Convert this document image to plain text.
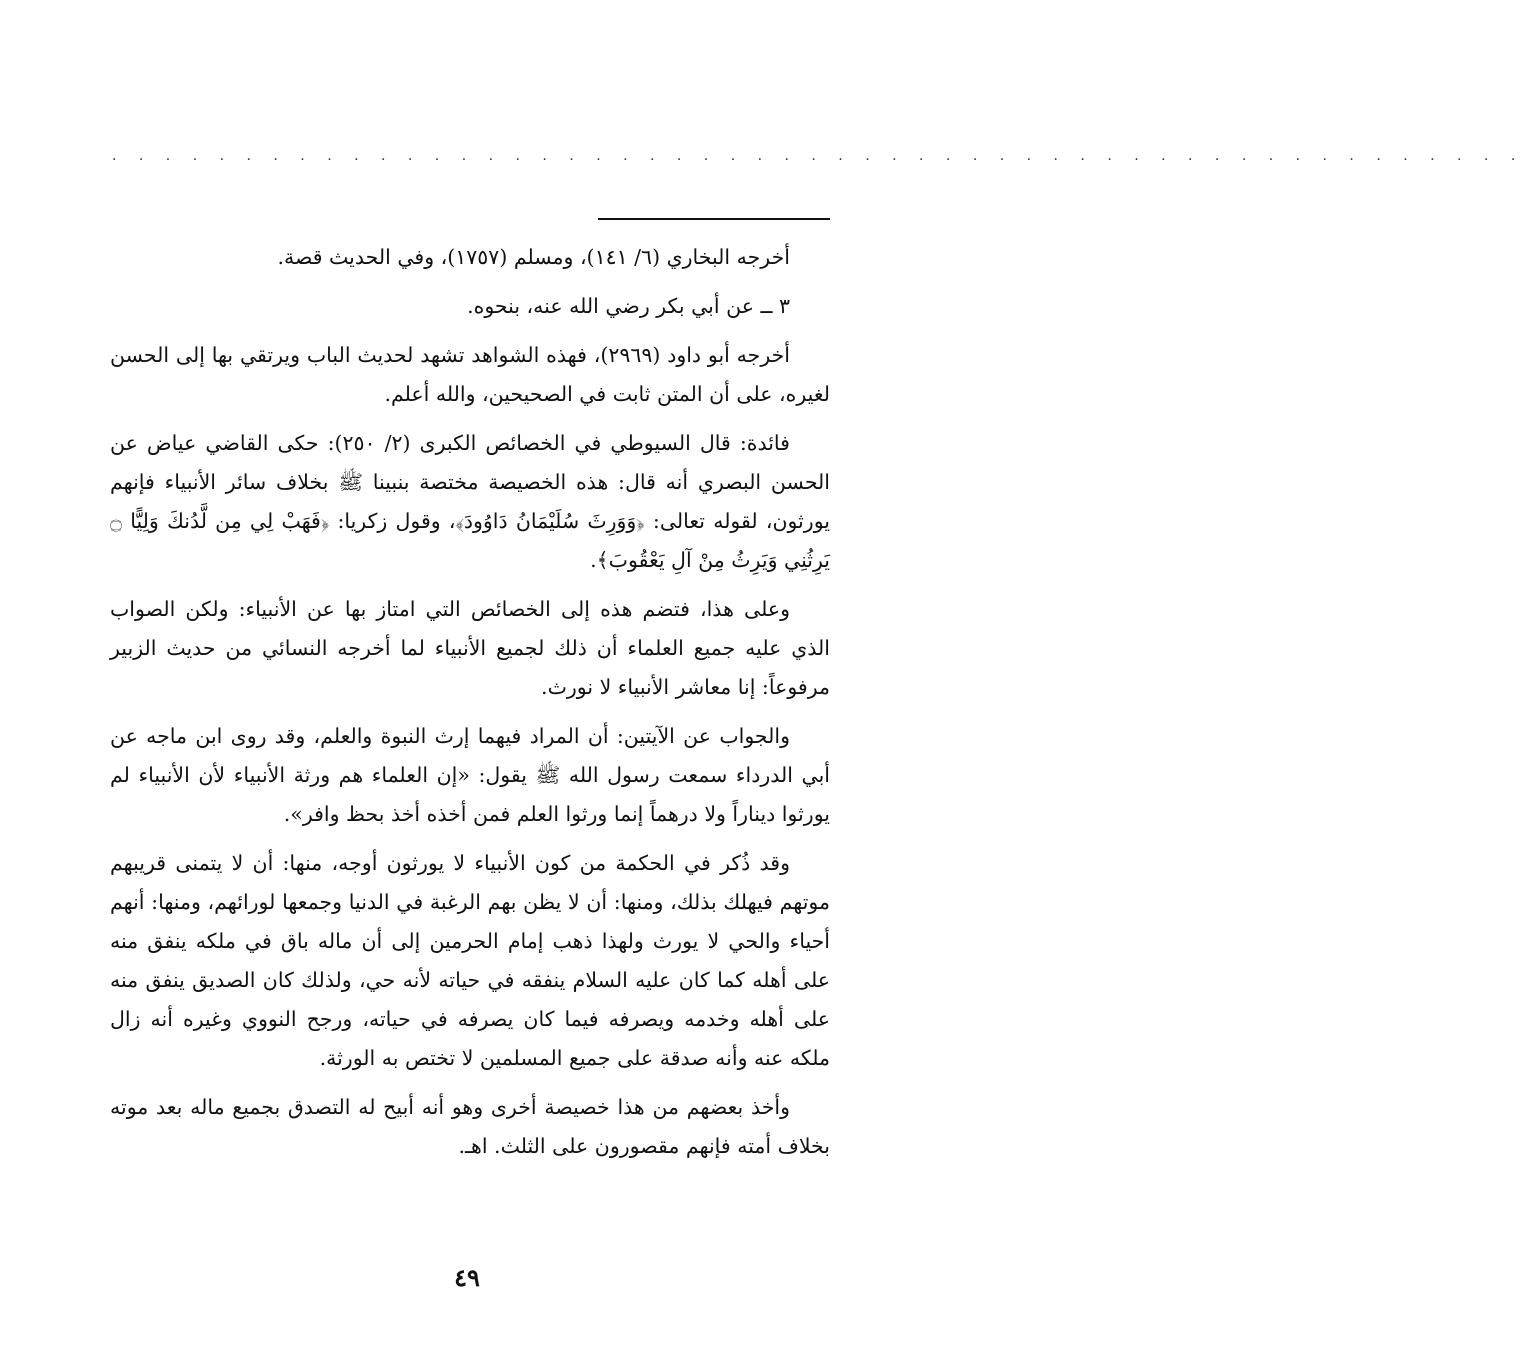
. . . . . . . . . . . . . . . . . . . . . . . . . . . . . . . . . . . . . . . . . . . . . . . . . . . . .

أخرجه البخاري (٦/ ١٤١)، ومسلم (١٧٥٧)، وفي الحديث قصة.

٣ ــ عن أبي بكر رضي الله عنه، بنحوه.

أخرجه أبو داود (٢٩٦٩)، فهذه الشواهد تشهد لحديث الباب ويرتقي بها إلى الحسن لغيره، على أن المتن ثابت في الصحيحين، والله أعلم.

فائدة: قال السيوطي في الخصائص الكبرى (٢/ ٢٥٠): حكى القاضي عياض عن الحسن البصري أنه قال: هذه الخصيصة مختصة بنبينا ﷺ بخلاف سائر الأنبياء فإنهم يورثون، لقوله تعالى: ﴿وَوَرِثَ سُلَيْمَانُ دَاوُودَ﴾، وقول زكريا: ﴿فَهَبْ لِي مِن لَّدُنكَ وَلِيًّا ۝ يَرِثُنِي وَيَرِثُ مِنْ آلِ يَعْقُوبَ﴾.

وعلى هذا، فتضم هذه إلى الخصائص التي امتاز بها عن الأنبياء: ولكن الصواب الذي عليه جميع العلماء أن ذلك لجميع الأنبياء لما أخرجه النسائي من حديث الزبير مرفوعاً: إنا معاشر الأنبياء لا نورث.

والجواب عن الآيتين: أن المراد فيهما إرث النبوة والعلم، وقد روى ابن ماجه عن أبي الدرداء سمعت رسول الله ﷺ يقول: «إن العلماء هم ورثة الأنبياء لأن الأنبياء لم يورثوا ديناراً ولا درهماً إنما ورثوا العلم فمن أخذه أخذ بحظ وافر».

وقد ذُكر في الحكمة من كون الأنبياء لا يورثون أوجه، منها: أن لا يتمنى قريبهم موتهم فيهلك بذلك، ومنها: أن لا يظن بهم الرغبة في الدنيا وجمعها لورائهم، ومنها: أنهم أحياء والحي لا يورث ولهذا ذهب إمام الحرمين إلى أن ماله باق في ملكه ينفق منه على أهله كما كان عليه السلام ينفقه في حياته لأنه حي، ولذلك كان الصديق ينفق منه على أهله وخدمه ويصرفه فيما كان يصرفه في حياته، ورجح النووي وغيره أنه زال ملكه عنه وأنه صدقة على جميع المسلمين لا تختص به الورثة.

وأخذ بعضهم من هذا خصيصة أخرى وهو أنه أبيح له التصدق بجميع ماله بعد موته بخلاف أمته فإنهم مقصورون على الثلث. اهـ.

٤٩
